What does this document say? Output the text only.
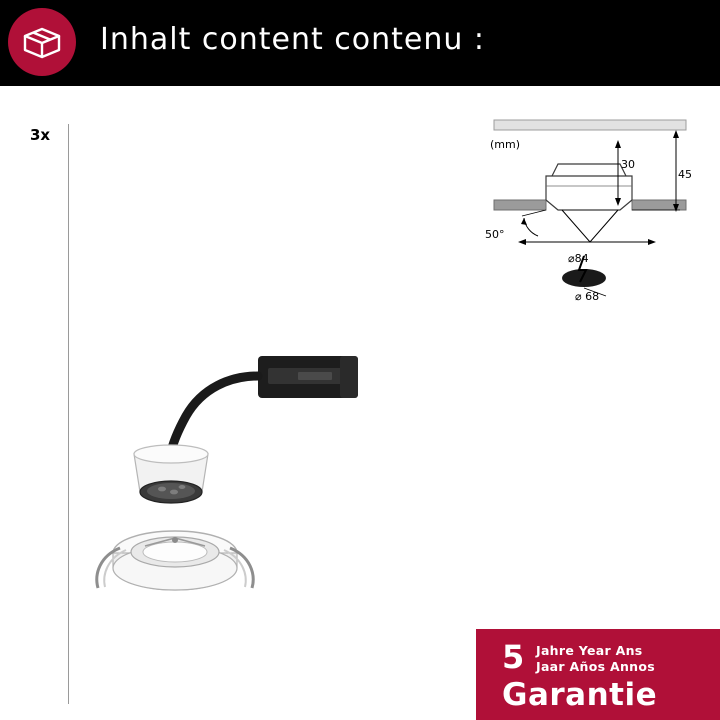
Inhalt content contenu :
3x
(mm)
30
45
50°
⌀84
⌀ 68
5 Jahre Year Ans
Jaar Años Annos
Garantie
